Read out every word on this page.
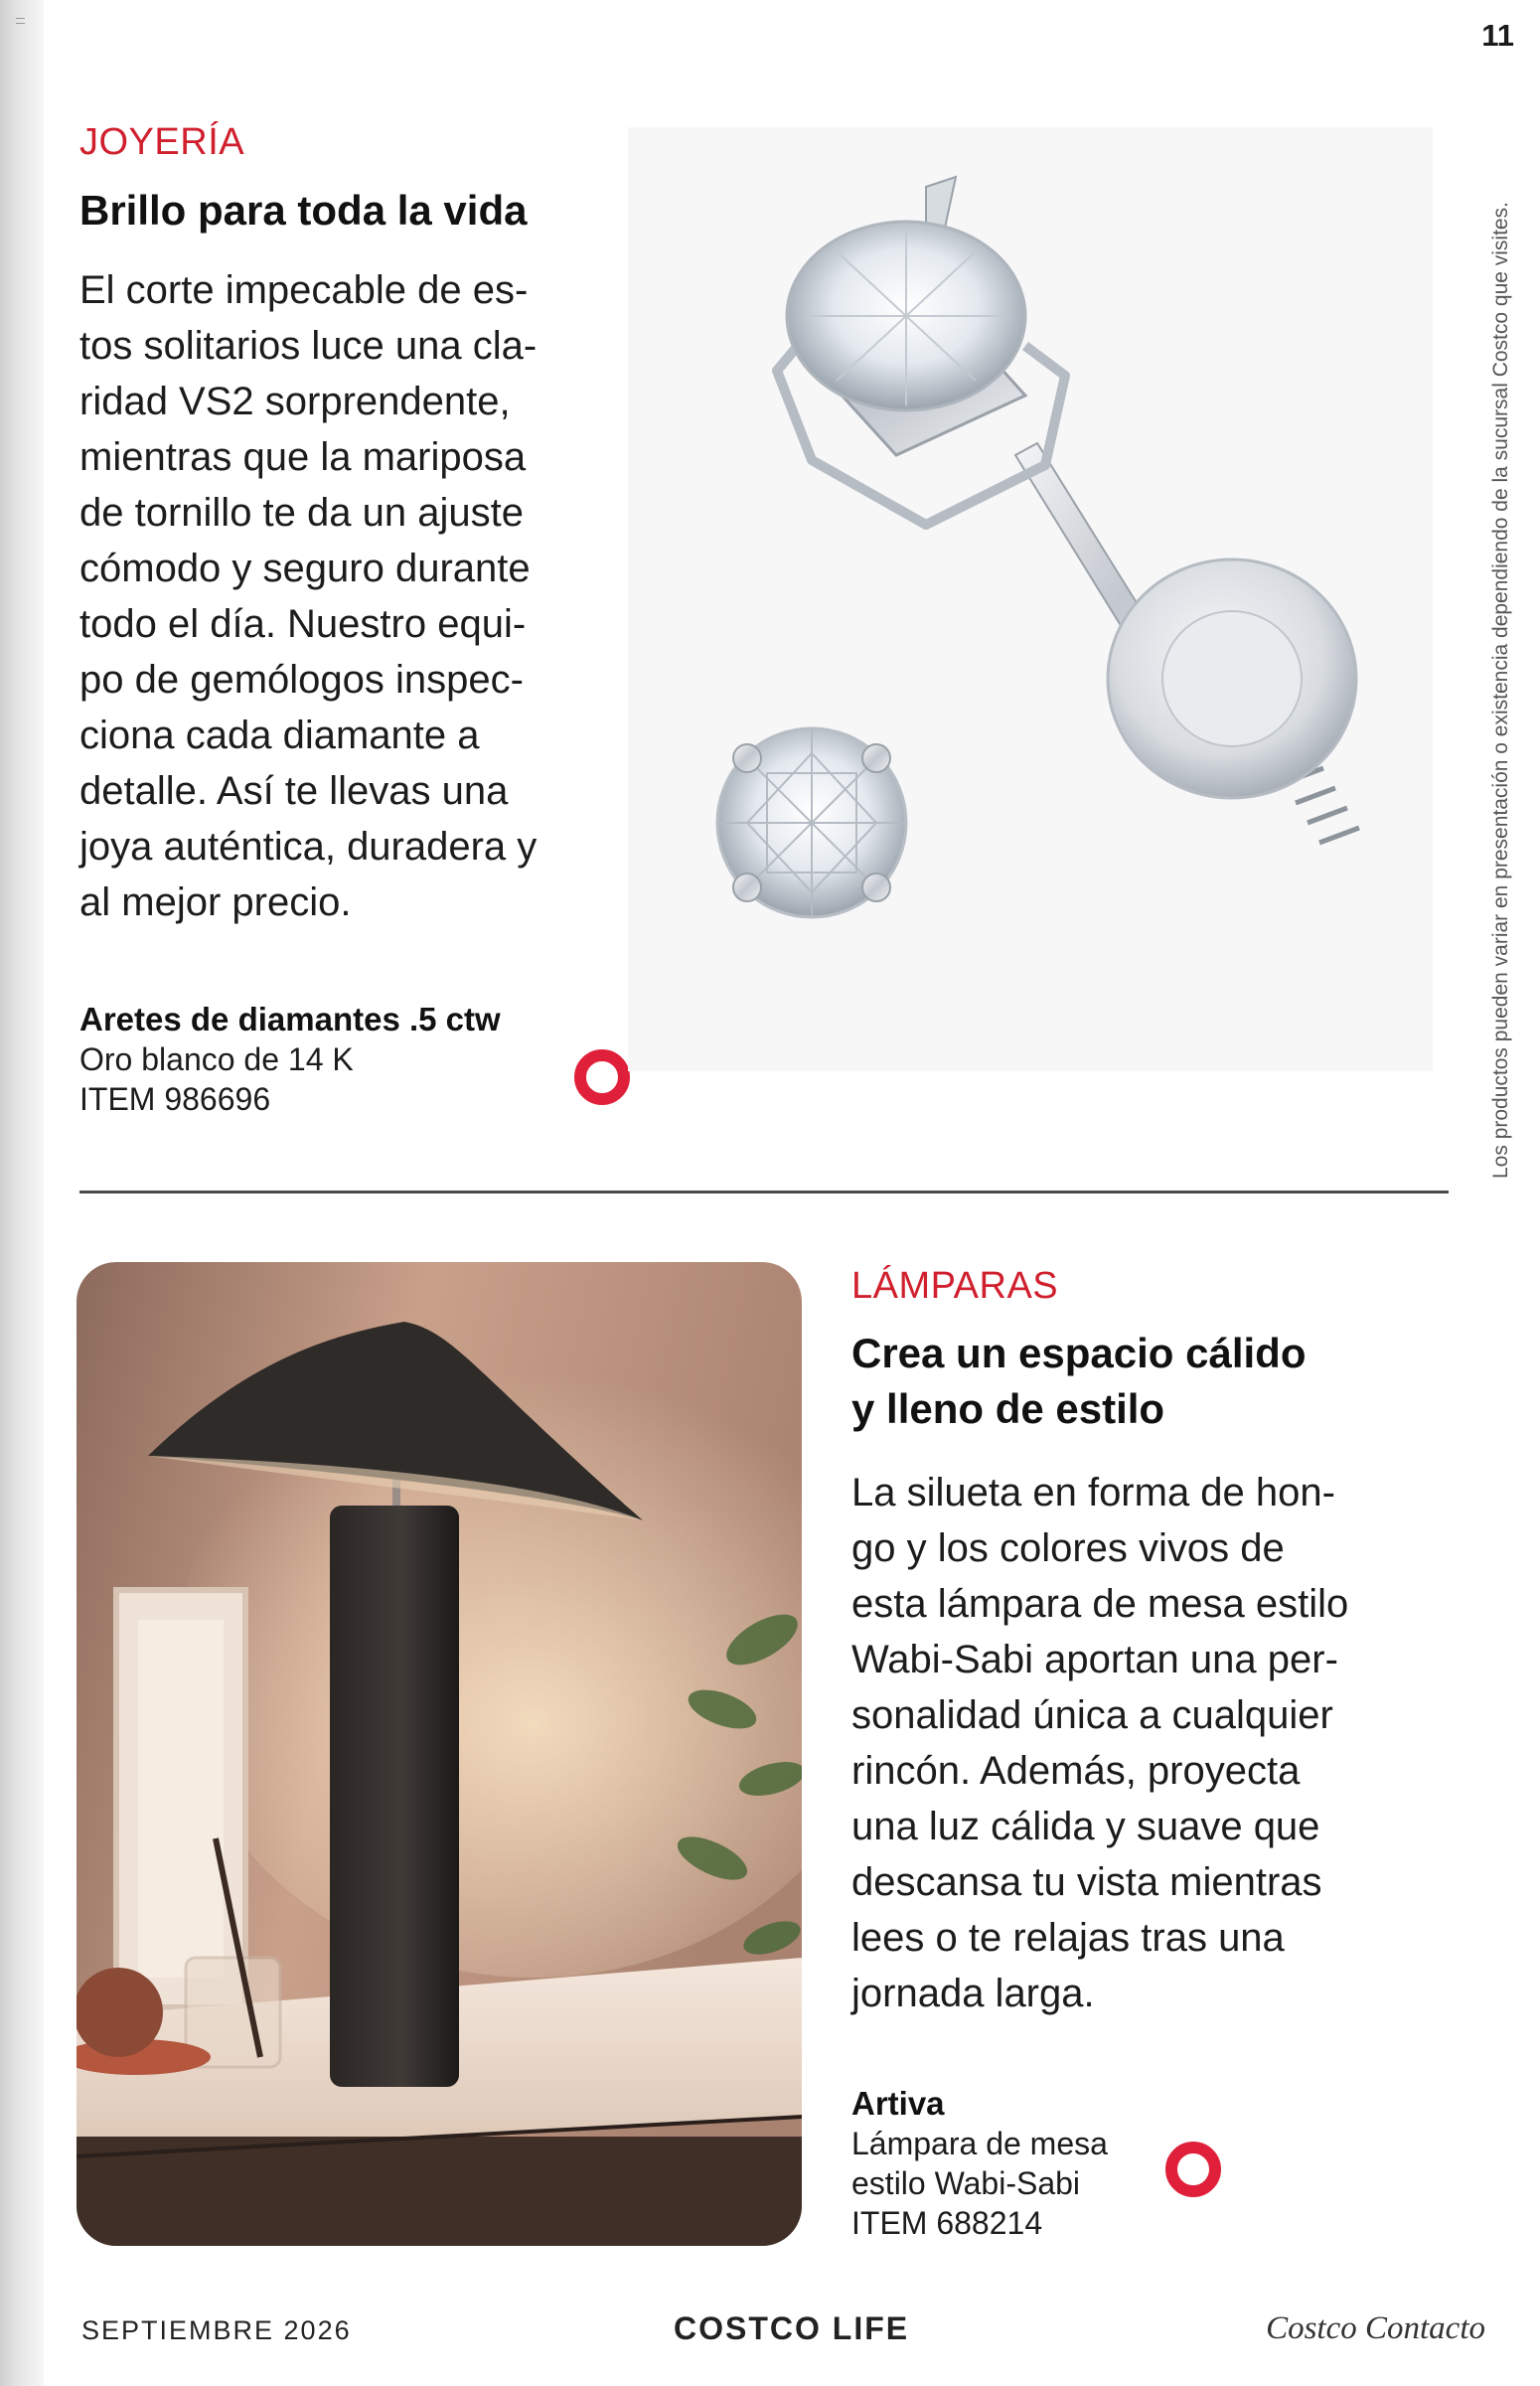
11
Los productos pueden variar en presentación o existencia dependiendo de la sucursal Costco que visites.
JOYERÍA
Brillo para toda la vida
El corte impecable de es-
tos solitarios luce una cla-
ridad VS2 sorprendente,
mientras que la mariposa
de tornillo te da un ajuste
cómodo y seguro durante
todo el día. Nuestro equi-
po de gemólogos inspec-
ciona cada diamante a
detalle. Así te llevas una
joya auténtica, duradera y
al mejor precio.
Aretes de diamantes .5 ctw
Oro blanco de 14 K
ITEM 986696
LÁMPARAS
Crea un espacio cálido
y lleno de estilo
La silueta en forma de hon-
go y los colores vivos de
esta lámpara de mesa estilo
Wabi-Sabi aportan una per-
sonalidad única a cualquier
rincón. Además, proyecta
una luz cálida y suave que
descansa tu vista mientras
lees o te relajas tras una
jornada larga.
Artiva
Lámpara de mesa
estilo Wabi-Sabi
ITEM 688214
SEPTIEMBRE 2026	COSTCO LIFE	Costco Contacto
